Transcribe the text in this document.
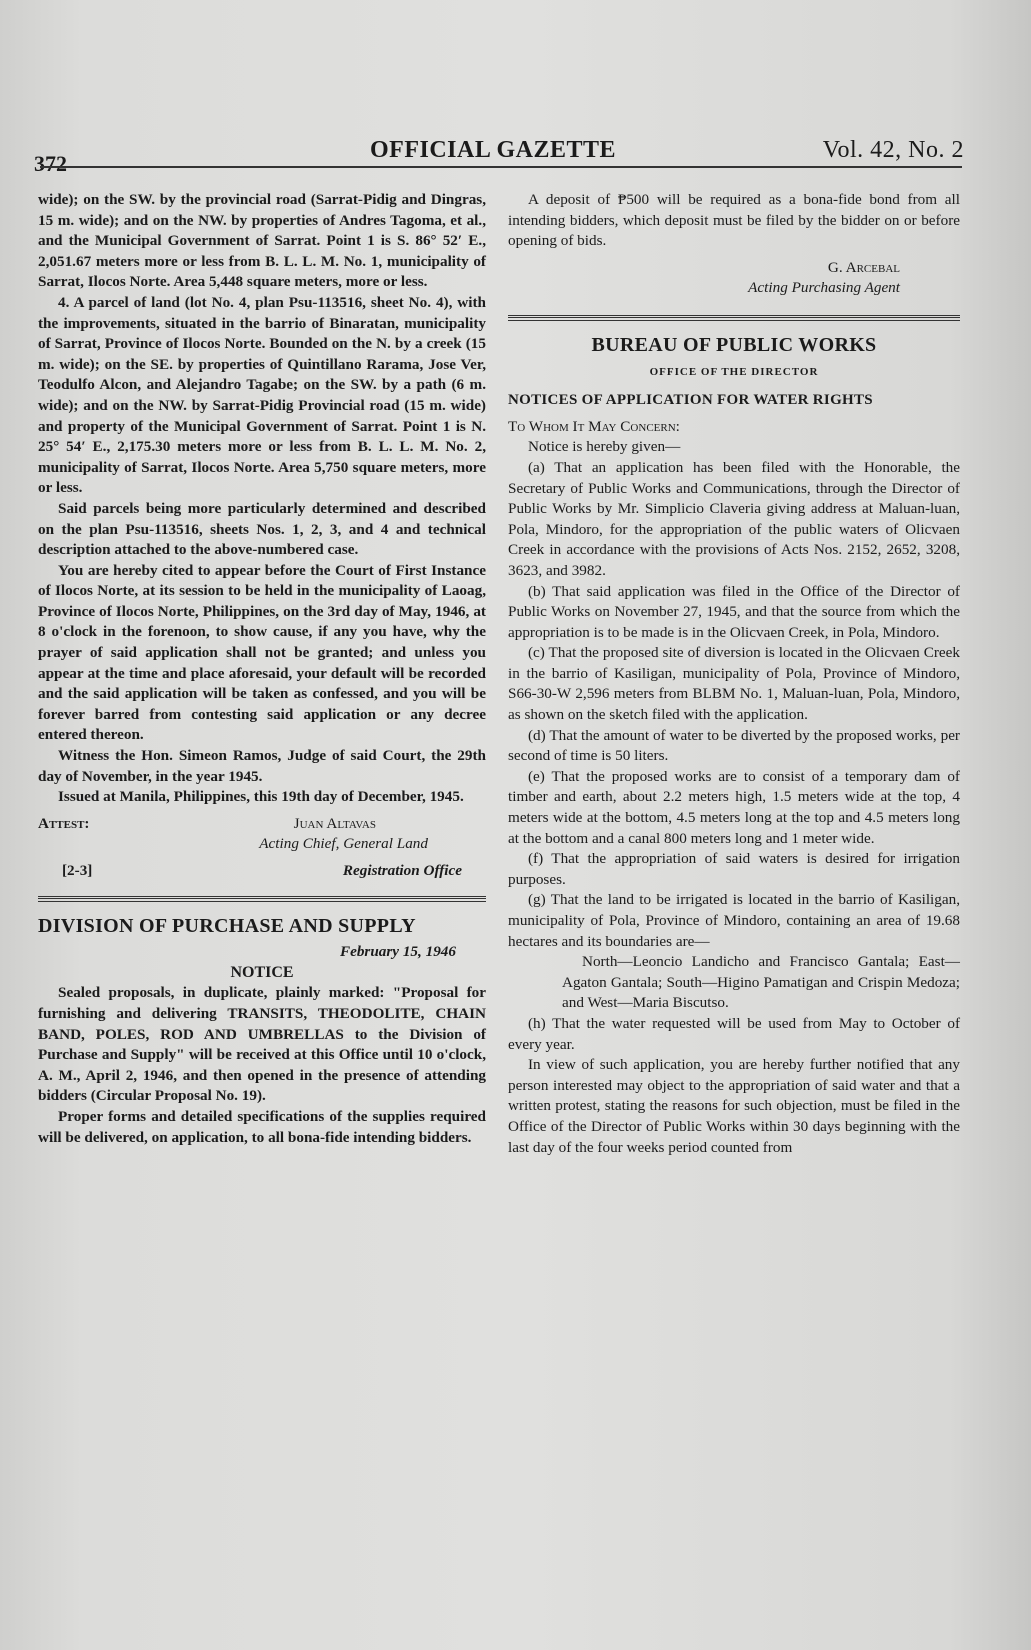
372
OFFICIAL GAZETTE	Vol. 42, No. 2

wide); on the SW. by the provincial road (Sarrat-Pidig and Dingras, 15 m. wide); and on the NW. by properties of Andres Tagoma, et al., and the Municipal Government of Sarrat. Point 1 is S. 86° 52′ E., 2,051.67 meters more or less from B. L. L. M. No. 1, municipality of Sarrat, Ilocos Norte. Area 5,448 square meters, more or less.

4. A parcel of land (lot No. 4, plan Psu-113516, sheet No. 4), with the improvements, situated in the barrio of Binaratan, municipality of Sarrat, Province of Ilocos Norte. Bounded on the N. by a creek (15 m. wide); on the SE. by properties of Quintillano Rarama, Jose Ver, Teodulfo Alcon, and Alejandro Tagabe; on the SW. by a path (6 m. wide); and on the NW. by Sarrat-Pidig Provincial road (15 m. wide) and property of the Municipal Government of Sarrat. Point 1 is N. 25° 54′ E., 2,175.30 meters more or less from B. L. L. M. No. 2, municipality of Sarrat, Ilocos Norte. Area 5,750 square meters, more or less.

Said parcels being more particularly determined and described on the plan Psu-113516, sheets Nos. 1, 2, 3, and 4 and technical description attached to the above-numbered case.

You are hereby cited to appear before the Court of First Instance of Ilocos Norte, at its session to be held in the municipality of Laoag, Province of Ilocos Norte, Philippines, on the 3rd day of May, 1946, at 8 o'clock in the forenoon, to show cause, if any you have, why the prayer of said application shall not be granted; and unless you appear at the time and place aforesaid, your default will be recorded and the said application will be taken as confessed, and you will be forever barred from contesting said application or any decree entered thereon.

Witness the Hon. Simeon Ramos, Judge of said Court, the 29th day of November, in the year 1945.

Issued at Manila, Philippines, this 19th day of December, 1945.

Attest:	Juan Altavas
Acting Chief, General Land
[2-3]	Registration Office
DIVISION OF PURCHASE AND SUPPLY
February 15, 1946
NOTICE

Sealed proposals, in duplicate, plainly marked: "Proposal for furnishing and delivering TRANSITS, THEODOLITE, CHAIN BAND, POLES, ROD AND UMBRELLAS to the Division of Purchase and Supply" will be received at this Office until 10 o'clock, A. M., April 2, 1946, and then opened in the presence of attending bidders (Circular Proposal No. 19).

Proper forms and detailed specifications of the supplies required will be delivered, on application, to all bona-fide intending bidders.

A deposit of ₱500 will be required as a bona-fide bond from all intending bidders, which deposit must be filed by the bidder on or before opening of bids.

G. Arcebal
Acting Purchasing Agent
BUREAU OF PUBLIC WORKS
OFFICE OF THE DIRECTOR
NOTICES OF APPLICATION FOR WATER RIGHTS

To Whom It May Concern:

Notice is hereby given—

(a) That an application has been filed with the Honorable, the Secretary of Public Works and Communications, through the Director of Public Works by Mr. Simplicio Claveria giving address at Maluan-luan, Pola, Mindoro, for the appropriation of the public waters of Olicvaen Creek in accordance with the provisions of Acts Nos. 2152, 2652, 3208, 3623, and 3982.

(b) That said application was filed in the Office of the Director of Public Works on November 27, 1945, and that the source from which the appropriation is to be made is in the Olicvaen Creek, in Pola, Mindoro.

(c) That the proposed site of diversion is located in the Olicvaen Creek in the barrio of Kasiligan, municipality of Pola, Province of Mindoro, S66-30-W 2,596 meters from BLBM No. 1, Maluan-luan, Pola, Mindoro, as shown on the sketch filed with the application.

(d) That the amount of water to be diverted by the proposed works, per second of time is 50 liters.

(e) That the proposed works are to consist of a temporary dam of timber and earth, about 2.2 meters high, 1.5 meters wide at the top, 4 meters wide at the bottom, 4.5 meters long at the top and 4.5 meters long at the bottom and a canal 800 meters long and 1 meter wide.

(f) That the appropriation of said waters is desired for irrigation purposes.

(g) That the land to be irrigated is located in the barrio of Kasiligan, municipality of Pola, Province of Mindoro, containing an area of 19.68 hectares and its boundaries are—

North—Leoncio Landicho and Francisco Gantala; East—Agaton Gantala; South—Higino Pamatigan and Crispin Medoza; and West—Maria Biscutso.

(h) That the water requested will be used from May to October of every year.

In view of such application, you are hereby further notified that any person interested may object to the appropriation of said water and that a written protest, stating the reasons for such objection, must be filed in the Office of the Director of Public Works within 30 days beginning with the last day of the four weeks period counted from
